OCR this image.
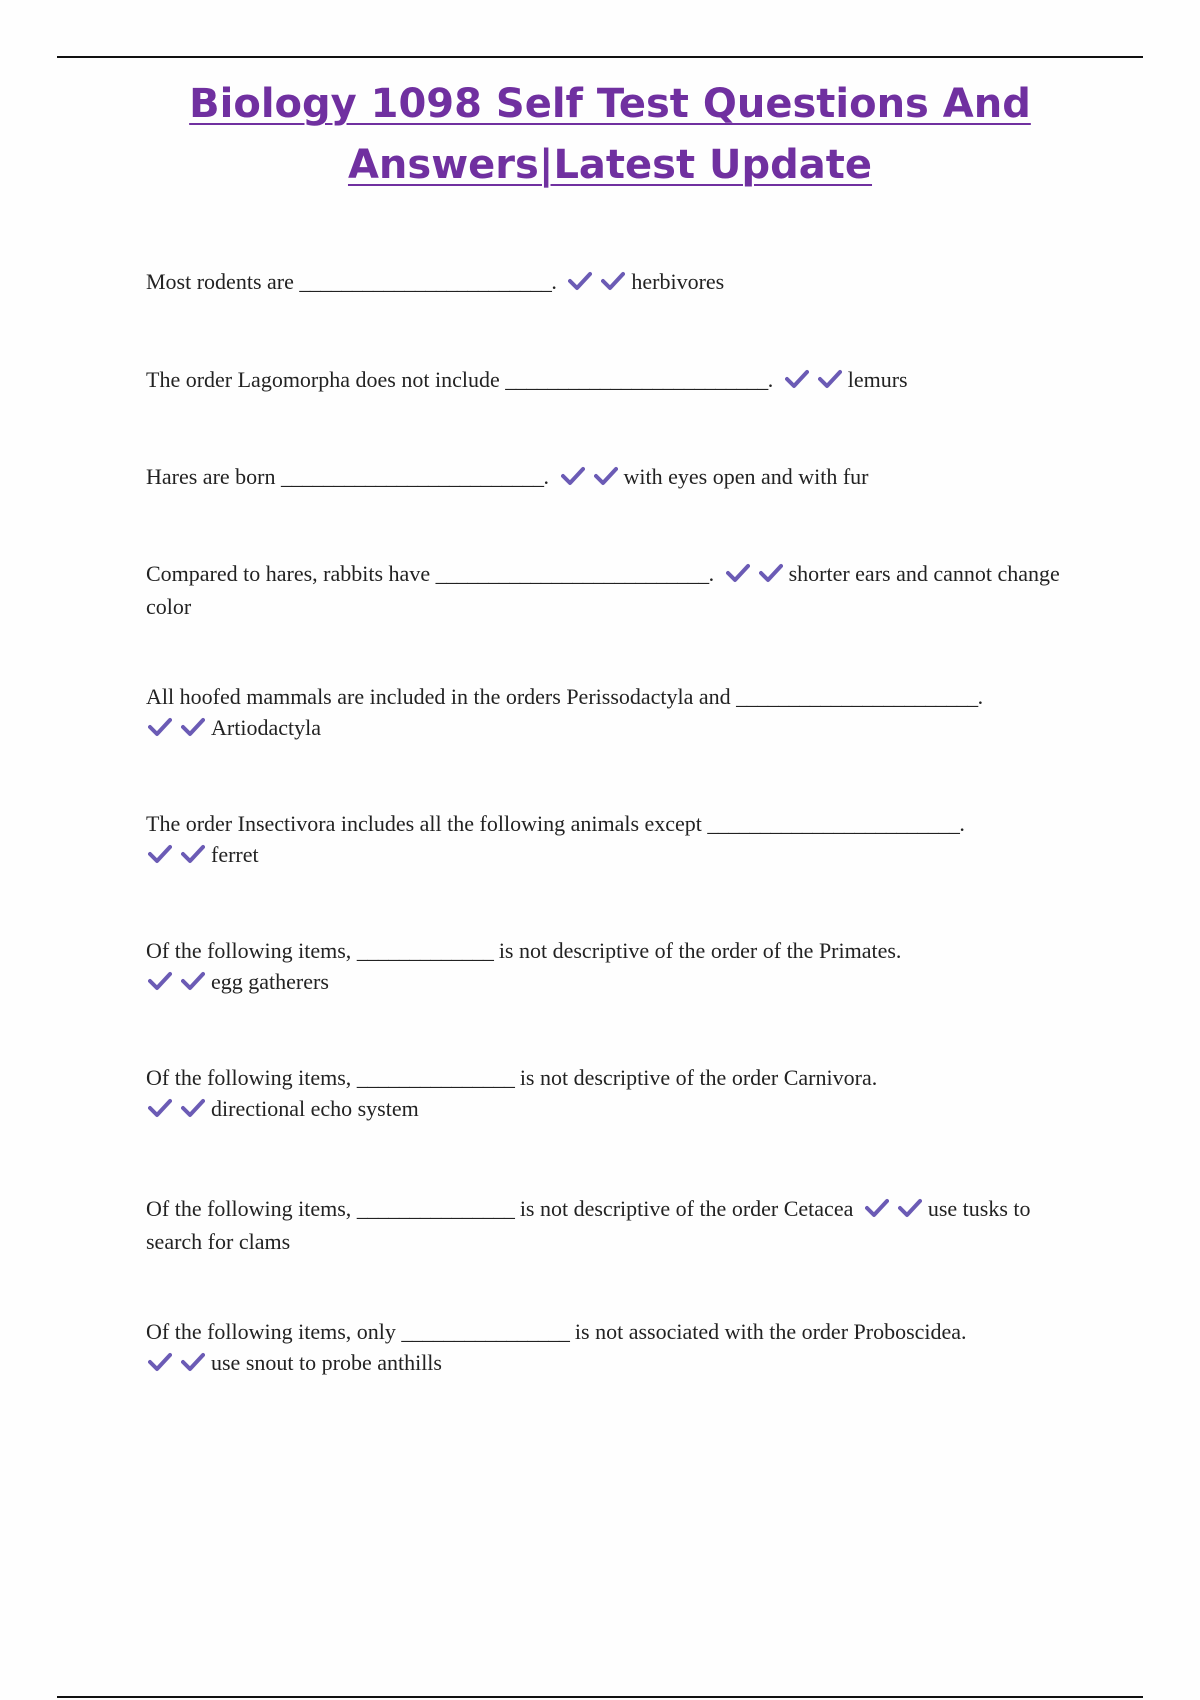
Biology 1098 Self Test Questions And
Answers|Latest Update
Most rodents are ________________________.	herbivores
The order Lagomorpha does not include _________________________.	lemurs
Hares are born _________________________.	with eyes open and with fur
Compared to hares, rabbits have __________________________.	shorter ears and cannot change color
All hoofed mammals are included in the orders Perissodactyla and _______________________.

Artiodactyla
The order Insectivora includes all the following animals except ________________________.

ferret
Of the following items, _____________ is not descriptive of the order of the Primates.

egg gatherers
Of the following items, _______________ is not descriptive of the order Carnivora.

directional echo system
Of the following items, _______________ is not descriptive of the order Cetacea	use tusks to search for clams
Of the following items, only ________________ is not associated with the order Proboscidea.

use snout to probe anthills
